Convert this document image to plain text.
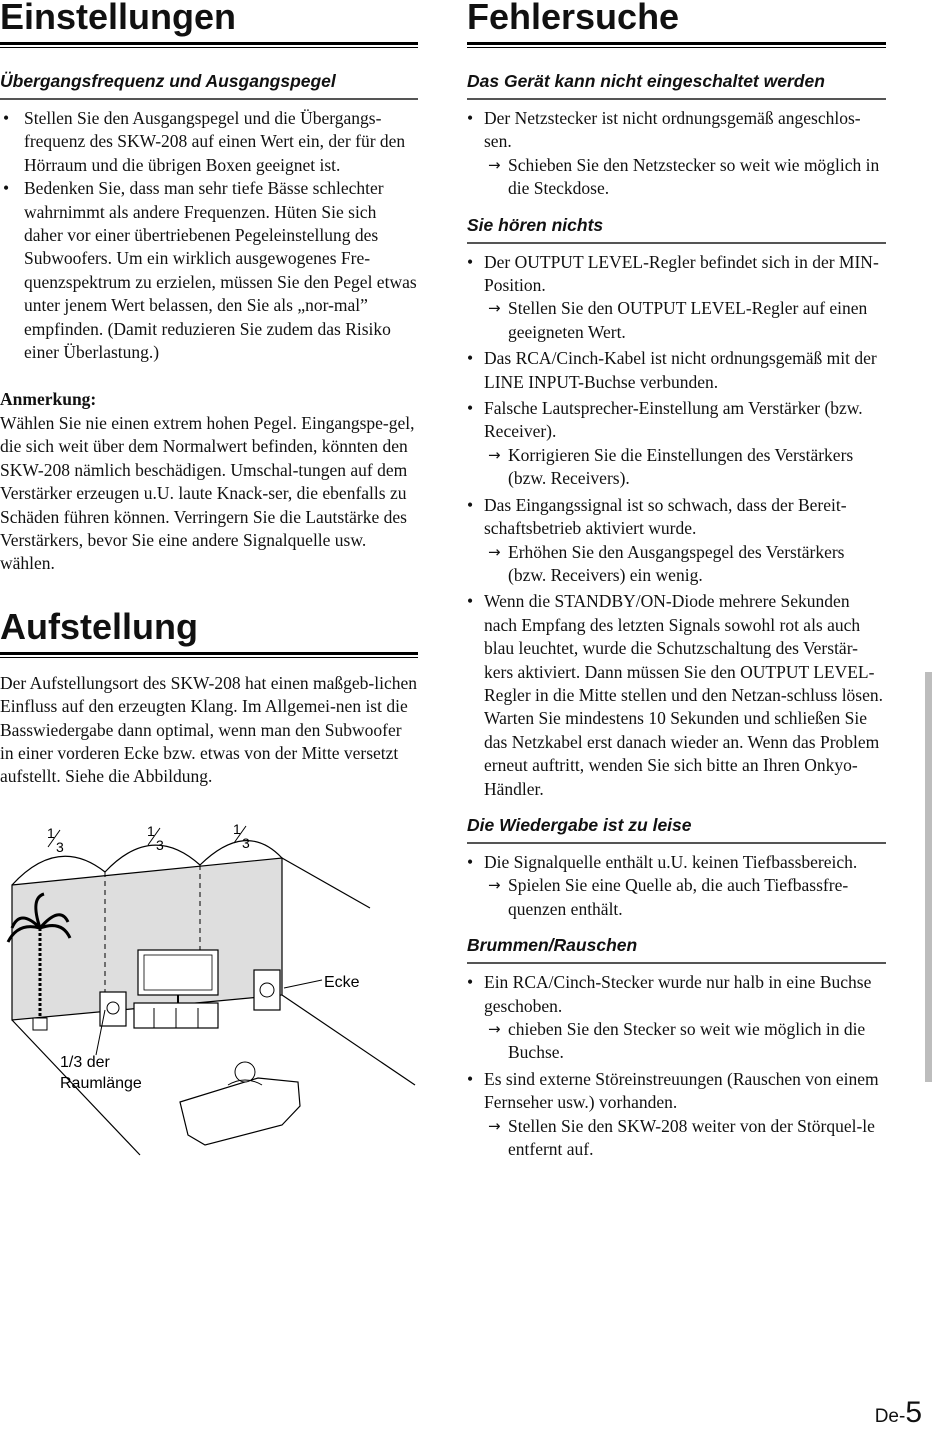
Einstellungen
Übergangsfrequenz und Ausgangspegel
• Stellen Sie den Ausgangspegel und die Übergangs-frequenz des SKW-208 auf einen Wert ein, der für den Hörraum und die übrigen Boxen geeignet ist.
• Bedenken Sie, dass man sehr tiefe Bässe schlechter wahrnimmt als andere Frequenzen. Hüten Sie sich daher vor einer übertriebenen Pegeleinstellung des Subwoofers. Um ein wirklich ausgewogenes Fre-quenzspektrum zu erzielen, müssen Sie den Pegel etwas unter jenem Wert belassen, den Sie als „nor-mal” empfinden. (Damit reduzieren Sie zudem das Risiko einer Überlastung.)
Anmerkung:
Wählen Sie nie einen extrem hohen Pegel. Eingangspe-gel, die sich weit über dem Normalwert befinden, könnten den SKW-208 nämlich beschädigen. Umschal-tungen auf dem Verstärker erzeugen u.U. laute Knack-ser, die ebenfalls zu Schäden führen können. Verringern Sie die Lautstärke des Verstärkers, bevor Sie eine andere Signalquelle usw. wählen.
Aufstellung
Der Aufstellungsort des SKW-208 hat einen maßgeb-lichen Einfluss auf den erzeugten Klang. Im Allgemei-nen ist die Basswiedergabe dann optimal, wenn man den Subwoofer in einer vorderen Ecke bzw. etwas von der Mitte versetzt aufstellt. Siehe die Abbildung.
1
3
1
3
1
3
Ecke
1/3 der
Raumlänge
Fehlersuche
Das Gerät kann nicht eingeschaltet werden
• Der Netzstecker ist nicht ordnungsgemäß angeschlos-sen.
→ Schieben Sie den Netzstecker so weit wie möglich in die Steckdose.
Sie hören nichts
• Der OUTPUT LEVEL-Regler befindet sich in der MIN-Position.
→ Stellen Sie den OUTPUT LEVEL-Regler auf einen geeigneten Wert.
• Das RCA/Cinch-Kabel ist nicht ordnungsgemäß mit der LINE INPUT-Buchse verbunden.
• Falsche Lautsprecher-Einstellung am Verstärker (bzw. Receiver).
→ Korrigieren Sie die Einstellungen des Verstärkers (bzw. Receivers).
• Das Eingangssignal ist so schwach, dass der Bereit-schaftsbetrieb aktiviert wurde.
→ Erhöhen Sie den Ausgangspegel des Verstärkers (bzw. Receivers) ein wenig.
• Wenn die STANDBY/ON-Diode mehrere Sekunden nach Empfang des letzten Signals sowohl rot als auch blau leuchtet, wurde die Schutzschaltung des Verstär-kers aktiviert. Dann müssen Sie den OUTPUT LEVEL-Regler in die Mitte stellen und den Netzan-schluss lösen. Warten Sie mindestens 10 Sekunden und schließen Sie das Netzkabel erst danach wieder an. Wenn das Problem erneut auftritt, wenden Sie sich bitte an Ihren Onkyo-Händler.
Die Wiedergabe ist zu leise
• Die Signalquelle enthält u.U. keinen Tiefbassbereich.
→ Spielen Sie eine Quelle ab, die auch Tiefbassfre-quenzen enthält.
Brummen/Rauschen
• Ein RCA/Cinch-Stecker wurde nur halb in eine Buchse geschoben.
→ chieben Sie den Stecker so weit wie möglich in die Buchse.
• Es sind externe Störeinstreuungen (Rauschen von einem Fernseher usw.) vorhanden.
→ Stellen Sie den SKW-208 weiter von der Störquel-le entfernt auf.
De-5
